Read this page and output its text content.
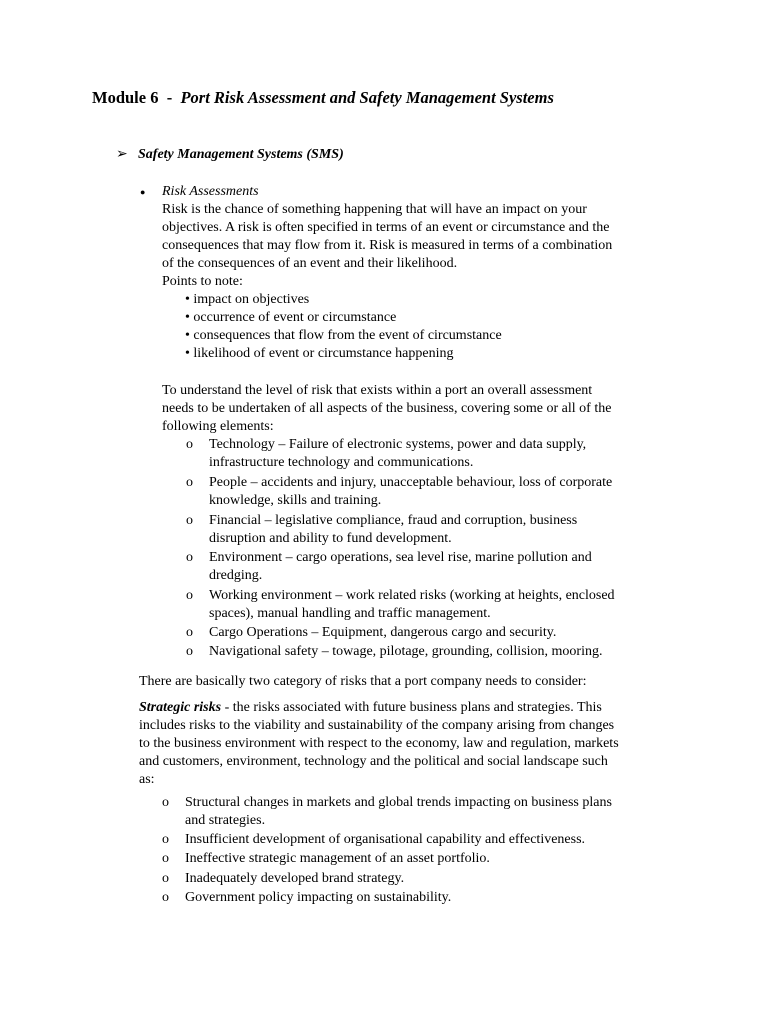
Module 6 - Port Risk Assessment and Safety Management Systems
➢ Safety Management Systems (SMS)
● Risk Assessments
Risk is the chance of something happening that will have an impact on your
objectives. A risk is often specified in terms of an event or circumstance and the
consequences that may flow from it. Risk is measured in terms of a combination
of the consequences of an event and their likelihood.
Points to note:
• impact on objectives
• occurrence of event or circumstance
• consequences that flow from the event of circumstance
• likelihood of event or circumstance happening
To understand the level of risk that exists within a port an overall assessment
needs to be undertaken of all aspects of the business, covering some or all of the
following elements:
o Technology – Failure of electronic systems, power and data supply,
infrastructure technology and communications.
o People – accidents and injury, unacceptable behaviour, loss of corporate
knowledge, skills and training.
o Financial – legislative compliance, fraud and corruption, business
disruption and ability to fund development.
o Environment – cargo operations, sea level rise, marine pollution and
dredging.
o Working environment – work related risks (working at heights, enclosed
spaces), manual handling and traffic management.
o Cargo Operations – Equipment, dangerous cargo and security.
o Navigational safety – towage, pilotage, grounding, collision, mooring.
There are basically two category of risks that a port company needs to consider:
Strategic risks - the risks associated with future business plans and strategies. This
includes risks to the viability and sustainability of the company arising from changes
to the business environment with respect to the economy, law and regulation, markets
and customers, environment, technology and the political and social landscape such
as:
o Structural changes in markets and global trends impacting on business plans
and strategies.
o Insufficient development of organisational capability and effectiveness.
o Ineffective strategic management of an asset portfolio.
o Inadequately developed brand strategy.
o Government policy impacting on sustainability.
